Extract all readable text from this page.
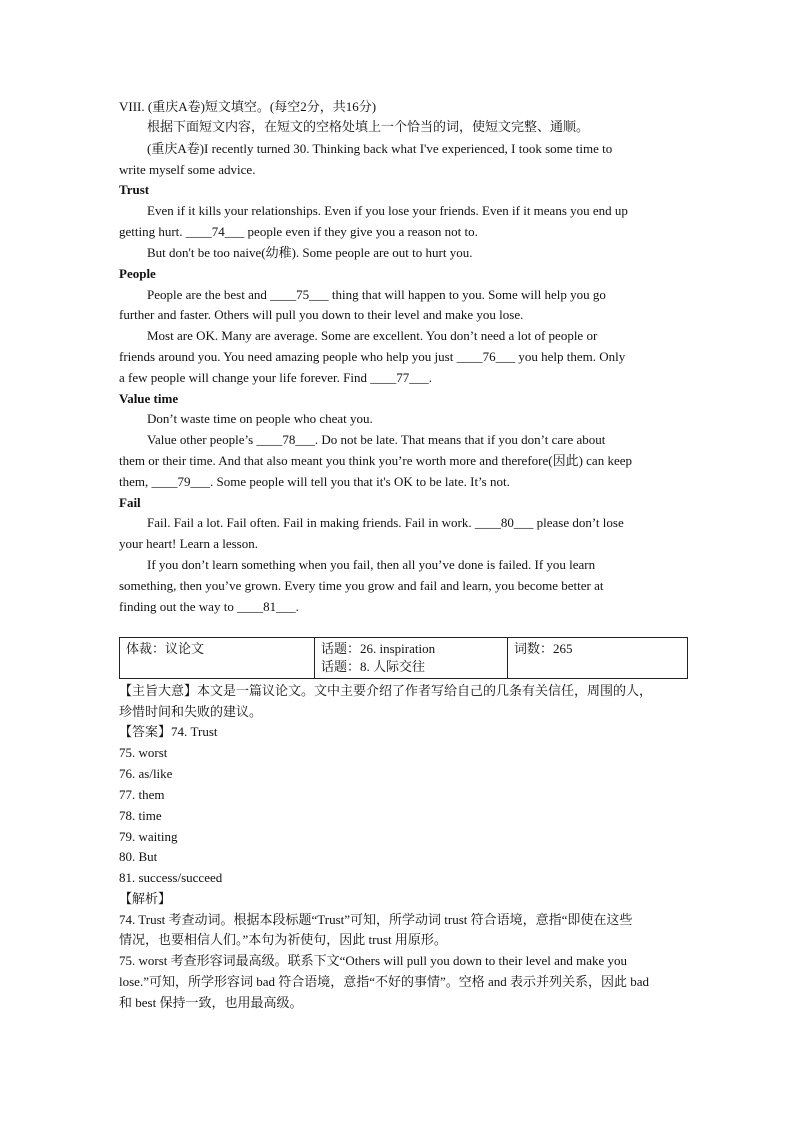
VIII. (重庆A卷)短文填空。(每空2分，共16分)
根据下面短文内容，在短文的空格处填上一个恰当的词，使短文完整、通顺。
(重庆A卷)I recently turned 30. Thinking back what I've experienced, I took some time to
write myself some advice.
Trust
Even if it kills your relationships. Even if you lose your friends. Even if it means you end up
getting hurt. ____74___ people even if they give you a reason not to.
But don't be too naive(幼稚). Some people are out to hurt you.
People
People are the best and ____75___ thing that will happen to you. Some will help you go
further and faster. Others will pull you down to their level and make you lose.
Most are OK. Many are average. Some are excellent. You don’t need a lot of people or
friends around you. You need amazing people who help you just ____76___ you help them. Only
a few people will change your life forever. Find ____77___.
Value time
Don’t waste time on people who cheat you.
Value other people’s ____78___. Do not be late. That means that if you don’t care about
them or their time. And that also meant you think you’re worth more and therefore(因此) can keep
them, ____79___. Some people will tell you that it's OK to be late. It’s not.
Fail
Fail. Fail a lot. Fail often. Fail in making friends. Fail in work. ____80___ please don’t lose
your heart! Learn a lesson.
If you don’t learn something when you fail, then all you’ve done is failed. If you learn
something, then you’ve grown. Every time you grow and fail and learn, you become better at
finding out the way to ____81___.
体裁：议论文	话题：26. inspiration
话题：8. 人际交往
	词数：265
【主旨大意】本文是一篇议论文。文中主要介绍了作者写给自己的几条有关信任，周围的人，
珍惜时间和失败的建议。
【答案】74. Trust
75. worst
76. as/like
77. them
78. time
79. waiting
80. But
81. success/succeed
【解析】
74. Trust 考查动词。根据本段标题“Trust”可知，所学动词 trust 符合语境，意指“即使在这些
情况，也要相信人们。”本句为祈使句，因此 trust 用原形。
75. worst 考查形容词最高级。联系下文“Others will pull you down to their level and make you
lose.”可知，所学形容词 bad 符合语境，意指“不好的事情”。空格 and 表示并列关系，因此 bad
和 best 保持一致，也用最高级。
